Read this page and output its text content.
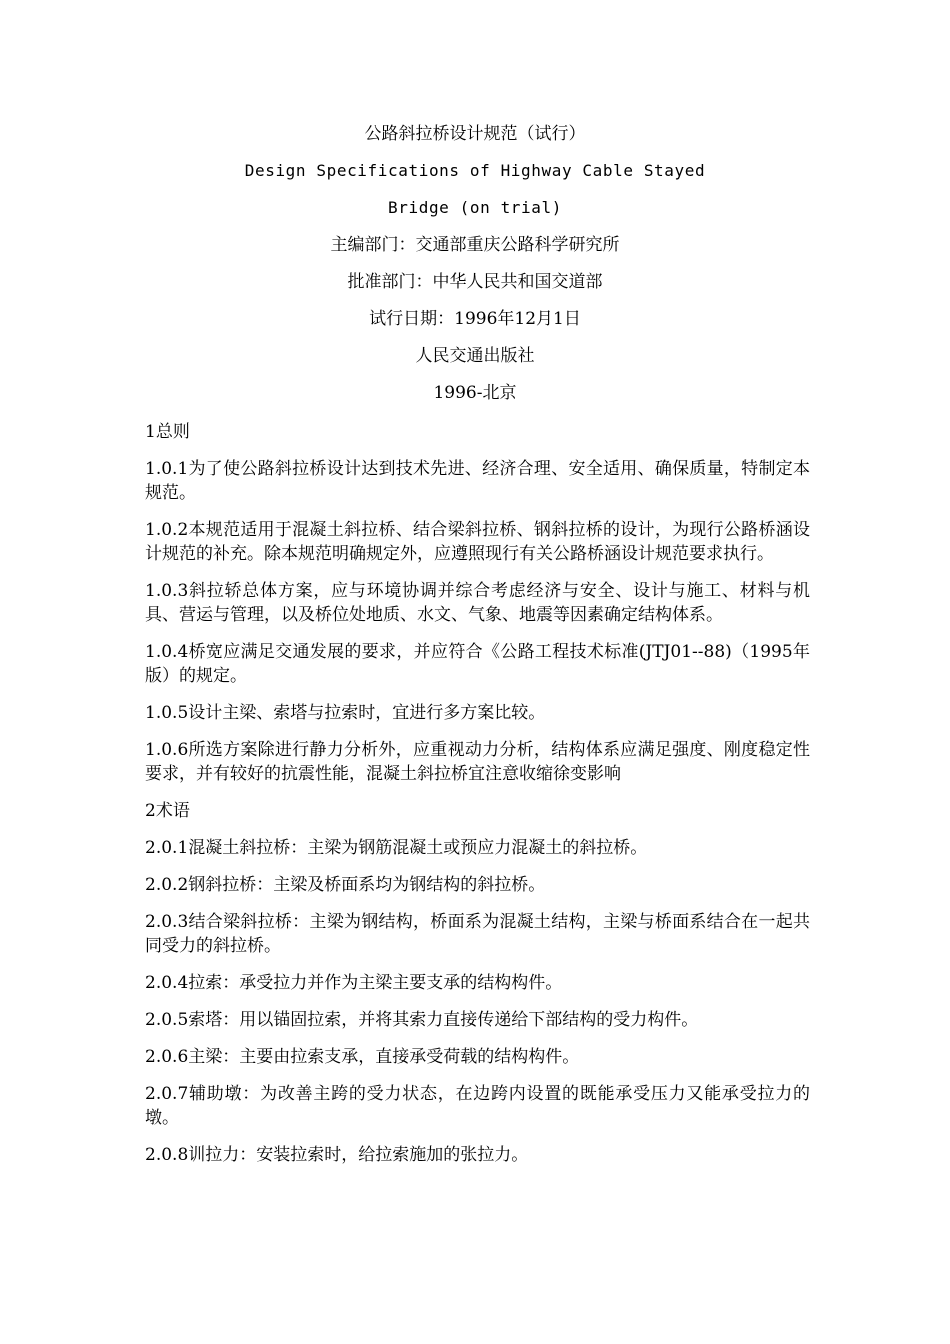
公路斜拉桥设计规范（试行）
Design Specifications of Highway Cable Stayed
Bridge (on trial)
主编部门：交通部重庆公路科学研究所
批准部门：中华人民共和国交道部
试行日期：1996年12月1日
人民交通出版社
1996-北京

1总则

1.0.1为了使公路斜拉桥设计达到技术先进、经济合理、安全适用、确保质量，特制定本规范。

1.0.2本规范适用于混凝土斜拉桥、结合梁斜拉桥、钢斜拉桥的设计，为现行公路桥涵设计规范的补充。除本规范明确规定外，应遵照现行有关公路桥涵设计规范要求执行。

1.0.3斜拉轿总体方案，应与环境协调并综合考虑经济与安全、设计与施工、材料与机具、营运与管理，以及桥位处地质、水文、气象、地震等因素确定结构体系。

1.0.4桥宽应满足交通发展的要求，并应符合《公路工程技术标准(JTJ01--88)（1995年版）的规定。

1.0.5设计主梁、索塔与拉索时，宜进行多方案比较。

1.0.6所选方案除进行静力分析外，应重视动力分析，结构体系应满足强度、刚度稳定性要求，并有较好的抗震性能，混凝土斜拉桥宜注意收缩徐变影响

2术语

2.0.1混凝土斜拉桥：主梁为钢筋混凝土或预应力混凝土的斜拉桥。

2.0.2钢斜拉桥：主梁及桥面系均为钢结构的斜拉桥。

2.0.3结合梁斜拉桥：主梁为钢结构，桥面系为混凝土结构，主梁与桥面系结合在一起共同受力的斜拉桥。

2.0.4拉索：承受拉力并作为主梁主要支承的结构构件。

2.0.5索塔：用以锚固拉索，并将其索力直接传递给下部结构的受力构件。

2.0.6主梁：主要由拉索支承，直接承受荷载的结构构件。

2.0.7辅助墩：为改善主跨的受力状态，在边跨内设置的既能承受压力又能承受拉力的墩。

2.0.8训拉力：安装拉索时，给拉索施加的张拉力。
